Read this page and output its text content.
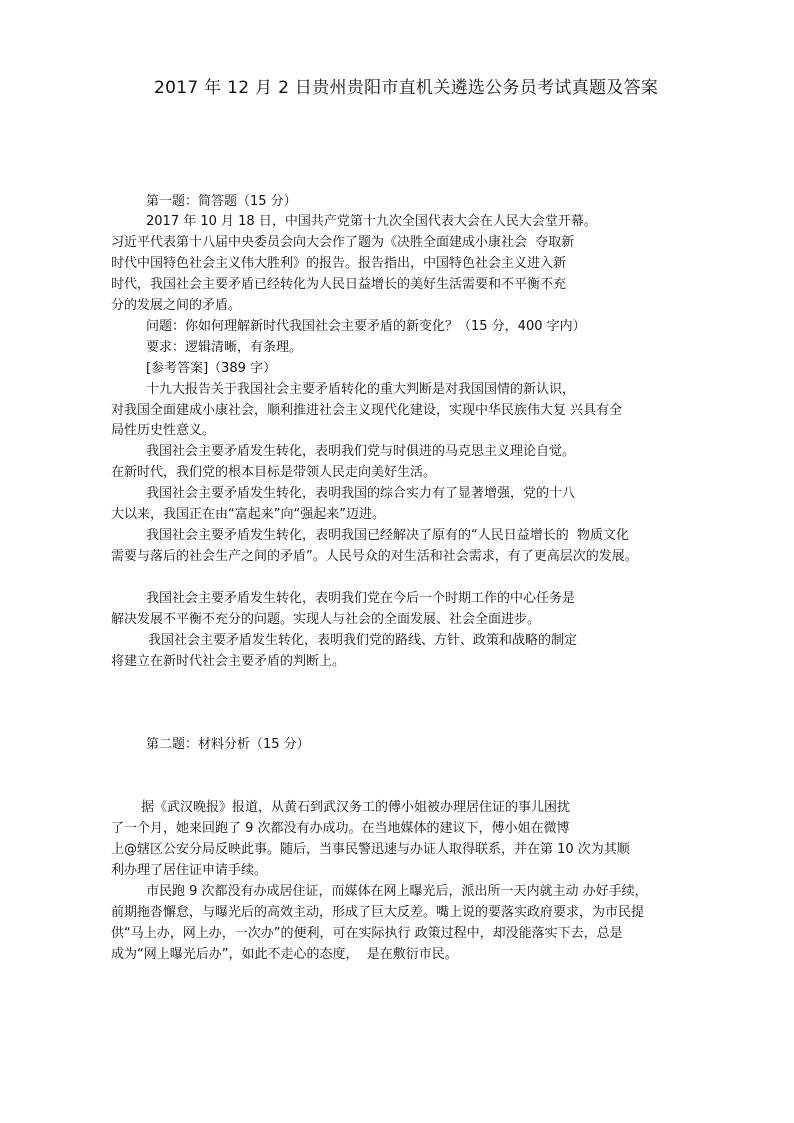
2017 年 12 月 2 日贵州贵阳市直机关遴选公务员考试真题及答案
第一题：简答题（15 分）
2017 年 10 月 18 日，中国共产党第十九次全国代表大会在人民大会堂开幕。
习近平代表第十八届中央委员会向大会作了题为《决胜全面建成小康社会  夺取新
时代中国特色社会主义伟大胜利》的报告。报告指出，中国特色社会主义进入新
时代，我国社会主要矛盾已经转化为人民日益增长的美好生活需要和不平衡不充
分的发展之间的矛盾。
问题：你如何理解新时代我国社会主要矛盾的新变化？（15 分，400 字内）
要求：逻辑清晰，有条理。
[参考答案]（389 字）
十九大报告关于我国社会主要矛盾转化的重大判断是对我国国情的新认识，
对我国全面建成小康社会，顺利推进社会主义现代化建设，实现中华民族伟大复 兴具有全
局性历史性意义。
我国社会主要矛盾发生转化，表明我们党与时俱进的马克思主义理论自觉。
在新时代，我们党的根本目标是带领人民走向美好生活。
我国社会主要矛盾发生转化，表明我国的综合实力有了显著增强，党的十八
大以来，我国正在由“富起来”向“强起来”迈进。
我国社会主要矛盾发生转化，表明我国已经解决了原有的“人民日益增长的  物质文化
需要与落后的社会生产之间的矛盾”。人民号众的对生活和社会需求，有了更高层次的发展。
我国社会主要矛盾发生转化，表明我们党在今后一个时期工作的中心任务是
解决发展不平衡不充分的问题。实现人与社会的全面发展、社会全面进步。
我国社会主要矛盾发生转化，表明我们党的路线、方针、政策和战略的制定
将建立在新时代社会主要矛盾的判断上。
第二题：材料分析（15 分）
据《武汉晚报》报道，从黄石到武汉务工的傅小姐被办理居住证的事儿困扰
了一个月，她来回跑了 9 次都没有办成功。在当地媒体的建议下，傅小姐在微博
上@辖区公安分局反映此事。随后，当事民警迅速与办证人取得联系，并在第 10 次为其顺
利办理了居住证申请手续。
市民跑 9 次都没有办成居住证，而媒体在网上曝光后，派出所一天内就主动 办好手续，
前期拖沓懈怠，与曝光后的高效主动，形成了巨大反差。嘴上说的要落实政府要求，为市民提
供“马上办，网上办，一次办”的便利，可在实际执行 政策过程中，却没能落实下去，总是
成为“网上曝光后办”，如此不走心的态度，  是在敷衍市民。
